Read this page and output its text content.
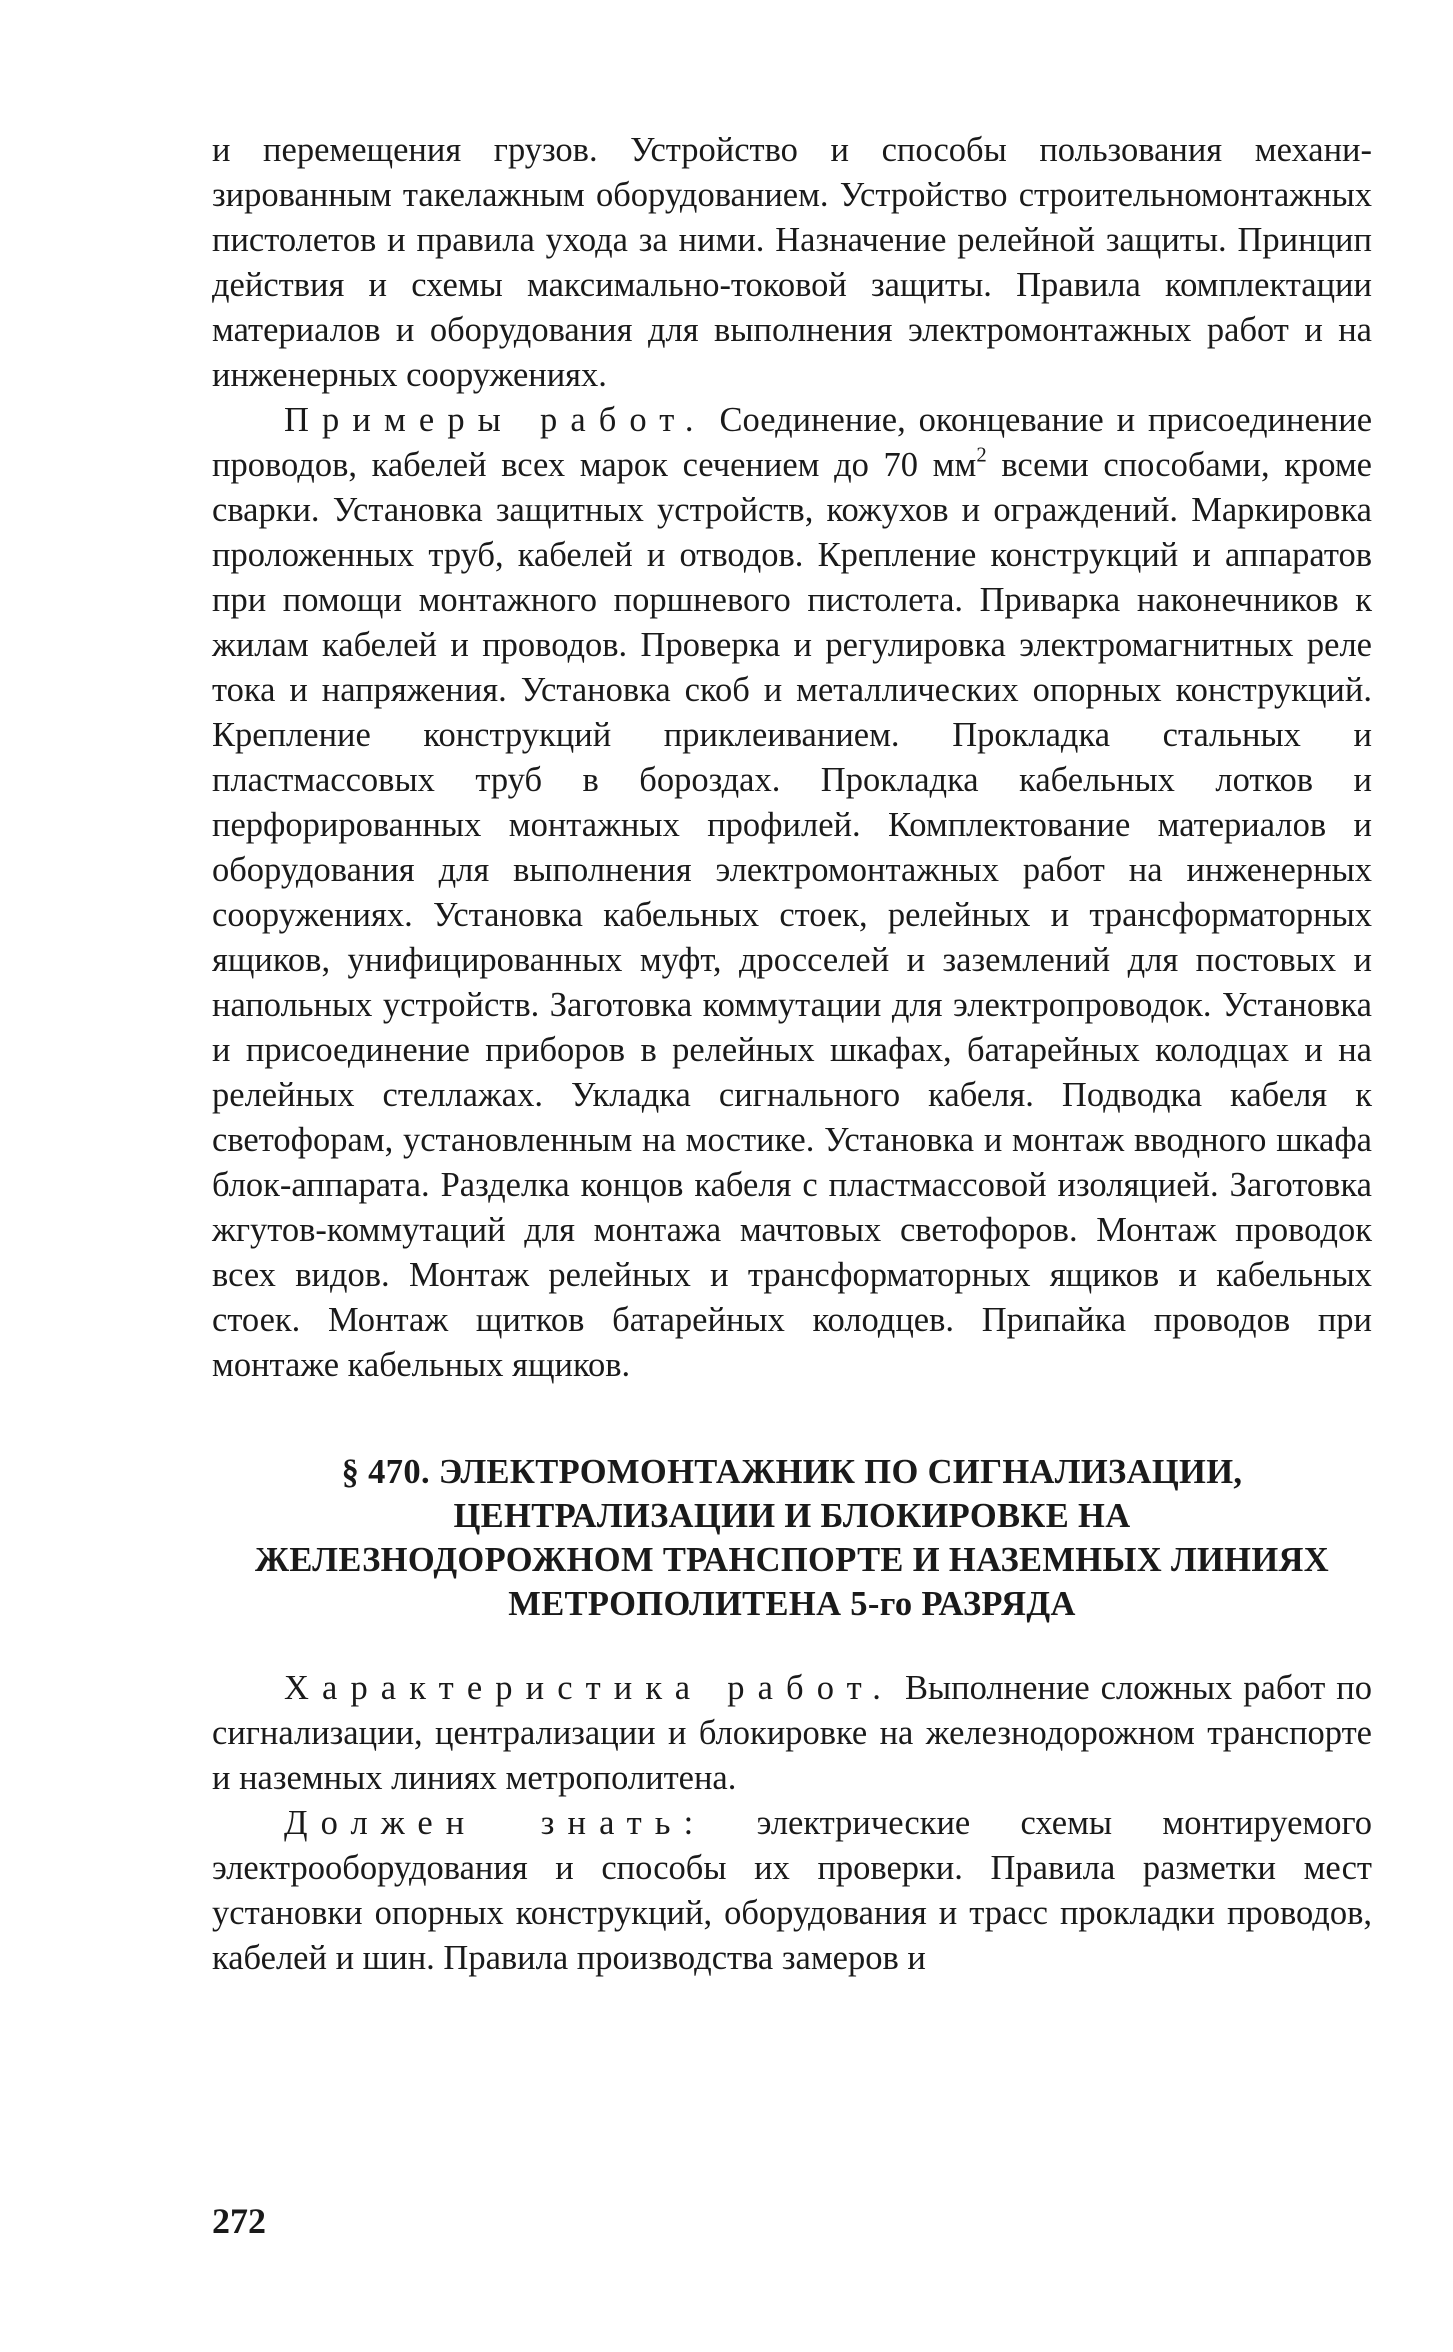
и перемещения грузов. Устройство и способы пользования механизированным такелажным оборудованием. Устройство строительномонтажных пистолетов и правила ухода за ними. Назначение релейной защиты. Принцип действия и схемы максимально-токовой защиты. Правила комплектации материалов и оборудования для выполнения электромонтажных работ и на инженерных сооружениях.

Примеры работ. Соединение, оконцевание и присоединение проводов, кабелей всех марок сечением до 70 $мм^2$ всеми способами, кроме сварки. Установка защитных устройств, кожухов и ограждений. Маркировка проложенных труб, кабелей и отводов. Крепление конструкций и аппаратов при помощи монтажного поршневого пистолета. Приварка наконечников к жилам кабелей и проводов. Проверка и регулировка электромагнитных реле тока и напряжения. Установка скоб и металлических опорных конструкций. Крепление конструкций приклеиванием. Прокладка стальных и пластмассовых труб в бороздах. Прокладка кабельных лотков и перфорированных монтажных профилей. Комплектование материалов и оборудования для выполнения электромонтажных работ на инженерных сооружениях. Установка кабельных стоек, релейных и трансформаторных ящиков, унифицированных муфт, дросселей и заземлений для постовых и напольных устройств. Заготовка коммутации для электропроводок. Установка и присоединение приборов в релейных шкафах, батарейных колодцах и на релейных стеллажах. Укладка сигнального кабеля. Подводка кабеля к светофорам, установленным на мостике. Установка и монтаж вводного шкафа блок-аппарата. Разделка концов кабеля с пластмассовой изоляцией. Заготовка жгутов-коммутаций для монтажа мачтовых светофоров. Монтаж проводок всех видов. Монтаж релейных и трансформаторных ящиков и кабельных стоек. Монтаж щитков батарейных колодцев. Припайка проводов при монтаже кабельных ящиков.

§ 470. ЭЛЕКТРОМОНТАЖНИК ПО СИГНАЛИЗАЦИИ,
ЦЕНТРАЛИЗАЦИИ И БЛОКИРОВКЕ НА
ЖЕЛЕЗНОДОРОЖНОМ ТРАНСПОРТЕ И НАЗЕМНЫХ ЛИНИЯХ
МЕТРОПОЛИТЕНА 5-го РАЗРЯДА

Характеристика работ. Выполнение сложных работ по сигнализации, централизации и блокировке на железнодорожном транспорте и наземных линиях метрополитена.

Должен знать: электрические схемы монтируемого электрооборудования и способы их проверки. Правила разметки мест установки опорных конструкций, оборудования и трасс прокладки проводов, кабелей и шин. Правила производства замеров и

272
